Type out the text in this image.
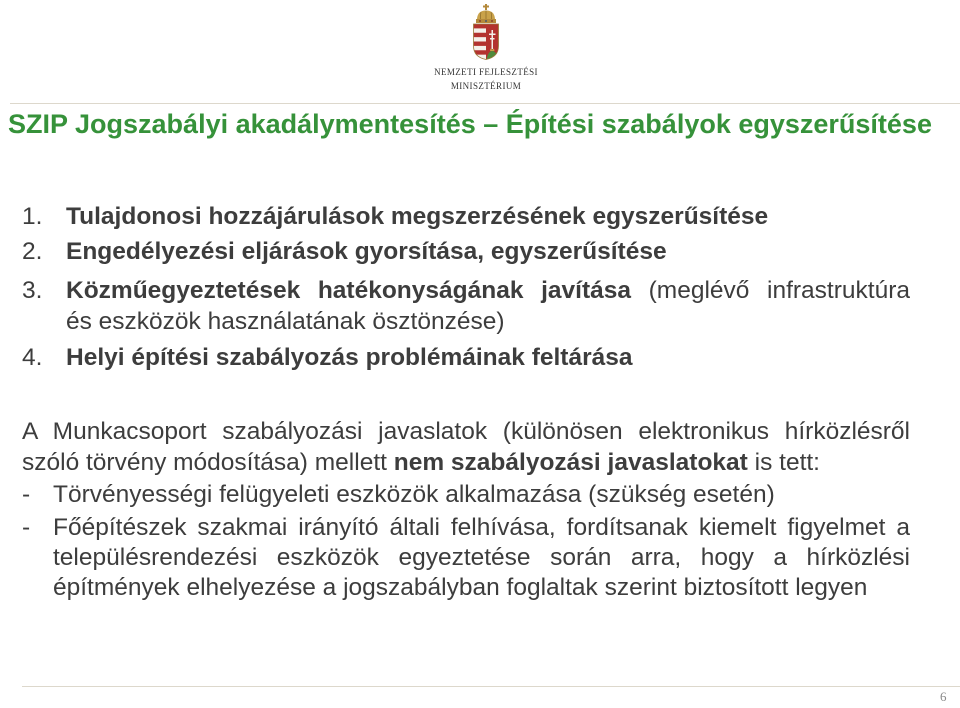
NEMZETI FEJLESZTÉSI
MINISZTÉRIUM
SZIP Jogszabályi akadálymentesítés – Építési szabályok egyszerűsítése
1. Tulajdonosi hozzájárulások megszerzésének egyszerűsítése
2. Engedélyezési eljárások gyorsítása, egyszerűsítése
3. Közműegyeztetések hatékonyságának javítása (meglévő infrastruktúra
és eszközök használatának ösztönzése)
4. Helyi építési szabályozás problémáinak feltárása
A Munkacsoport szabályozási javaslatok (különösen elektronikus hírközlésről
szóló törvény módosítása) mellett nem szabályozási javaslatokat is tett:
- Törvényességi felügyeleti eszközök alkalmazása (szükség esetén)
- Főépítészek szakmai irányító általi felhívása, fordítsanak kiemelt figyelmet a
településrendezési eszközök egyeztetése során arra, hogy a hírközlési
építmények elhelyezése a jogszabályban foglaltak szerint biztosított legyen
6
